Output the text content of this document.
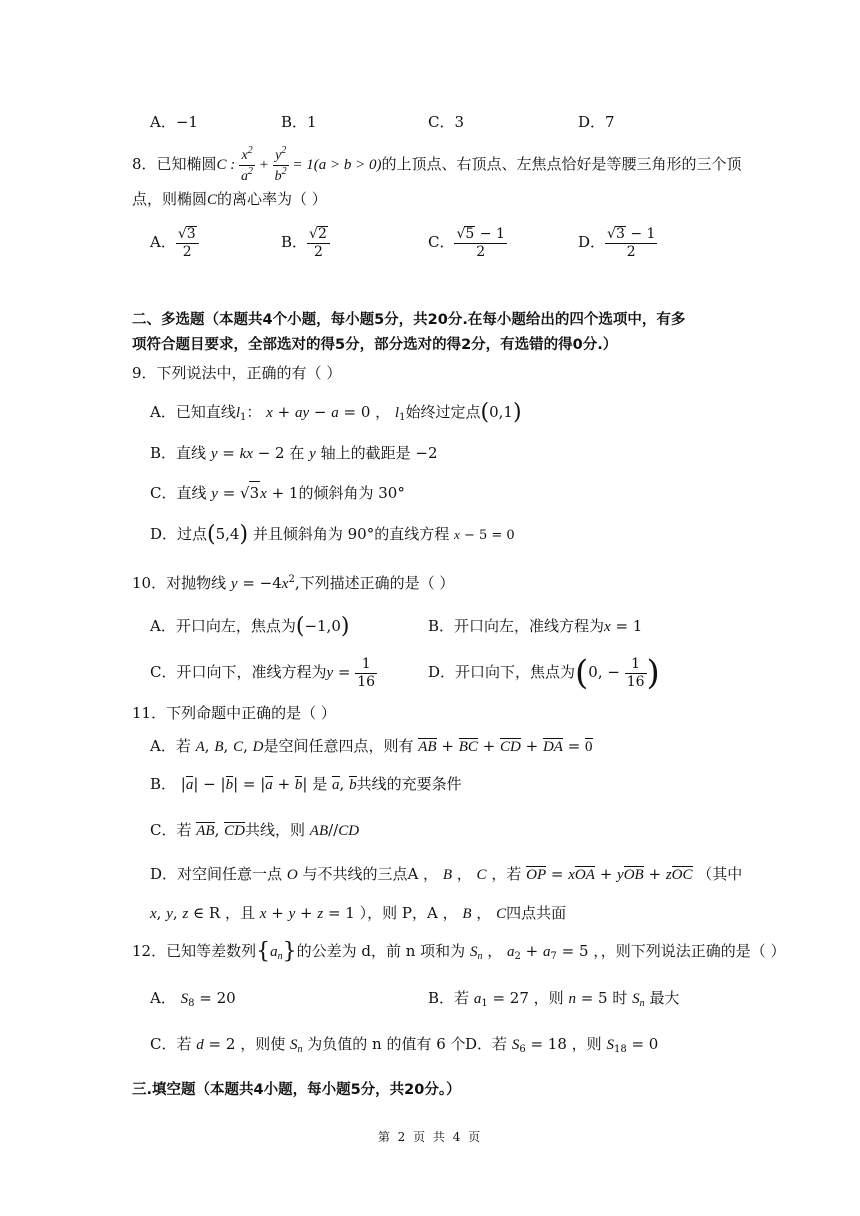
A．−1	B．1	C．3	D．7
8．已知椭圆C : $\frac{x^2}{a^2} + \frac{y^2}{b^2} = 1(a > b > 0)$的上顶点、右顶点、左焦点恰好是等腰三角形的三个顶
点，则椭圆C的离心率为（ ）
A． $\frac{√3}{2}$	B． $\frac{√2}{2}$	C． $\frac{√5 - 1}{2}$	D． $\frac{√3 - 1}{2}$
二、多选题（本题共4个小题，每小题5分，共20分.在每小题给出的四个选项中，有多
项符合题目要求，全部选对的得5分，部分选对的得2分，有选错的得0分.）
9．下列说法中，正确的有（ ）
A．已知直线$l_1$： x + ay − a = 0 ， $l_1$始终过定点(0,1)
B．直线 y = kx − 2 在 y 轴上的截距是 −2
C．直线 y = √3x + 1的倾斜角为 30°
D．过点(5,4) 并且倾斜角为 90°的直线方程 x − 5 = 0
10．对抛物线 $y = -4x^2$,下列描述正确的是（ ）
A．开口向左，焦点为(−1,0)	B．开口向左，准线方程为x = 1
C．开口向下，准线方程为$y = \frac{1}{16}$	D．开口向下，焦点为(0, − $\frac{1}{16}$ )
11．下列命题中正确的是（ ）
A．若 A, B, C, D是空间任意四点，则有 AB + BC + CD + DA = 0
B． |a| − |b| = |a + b| 是 a, b共线的充要条件
C．若 AB, CD共线，则 AB//CD
D．对空间任意一点 O 与不共线的三点A ， B ， C ，若 OP = xOA + yOB + zOC （其中
x, y, z ∈ R ，且 x + y + z = 1 ），则 P，A ， B ， C四点共面
12．已知等差数列$\{a_n\}$的公差为 d，前 n 项和为 $S_n$ ， $a_2 + a_7 = 5$ ，，则下列说法正确的是（ ）
A． $S_8 = 20$	B．若 $a_1 = 27$ ，则 n = 5 时 $S_n$ 最大
C．若 d = 2 ，则使 $S_n$ 为负值的 n 的值有 6 个 D．若 $S_6 = 18$ ，则 $S_{18} = 0$
三.填空题（本题共4小题，每小题5分，共20分。）
第 2 页 共 4 页
